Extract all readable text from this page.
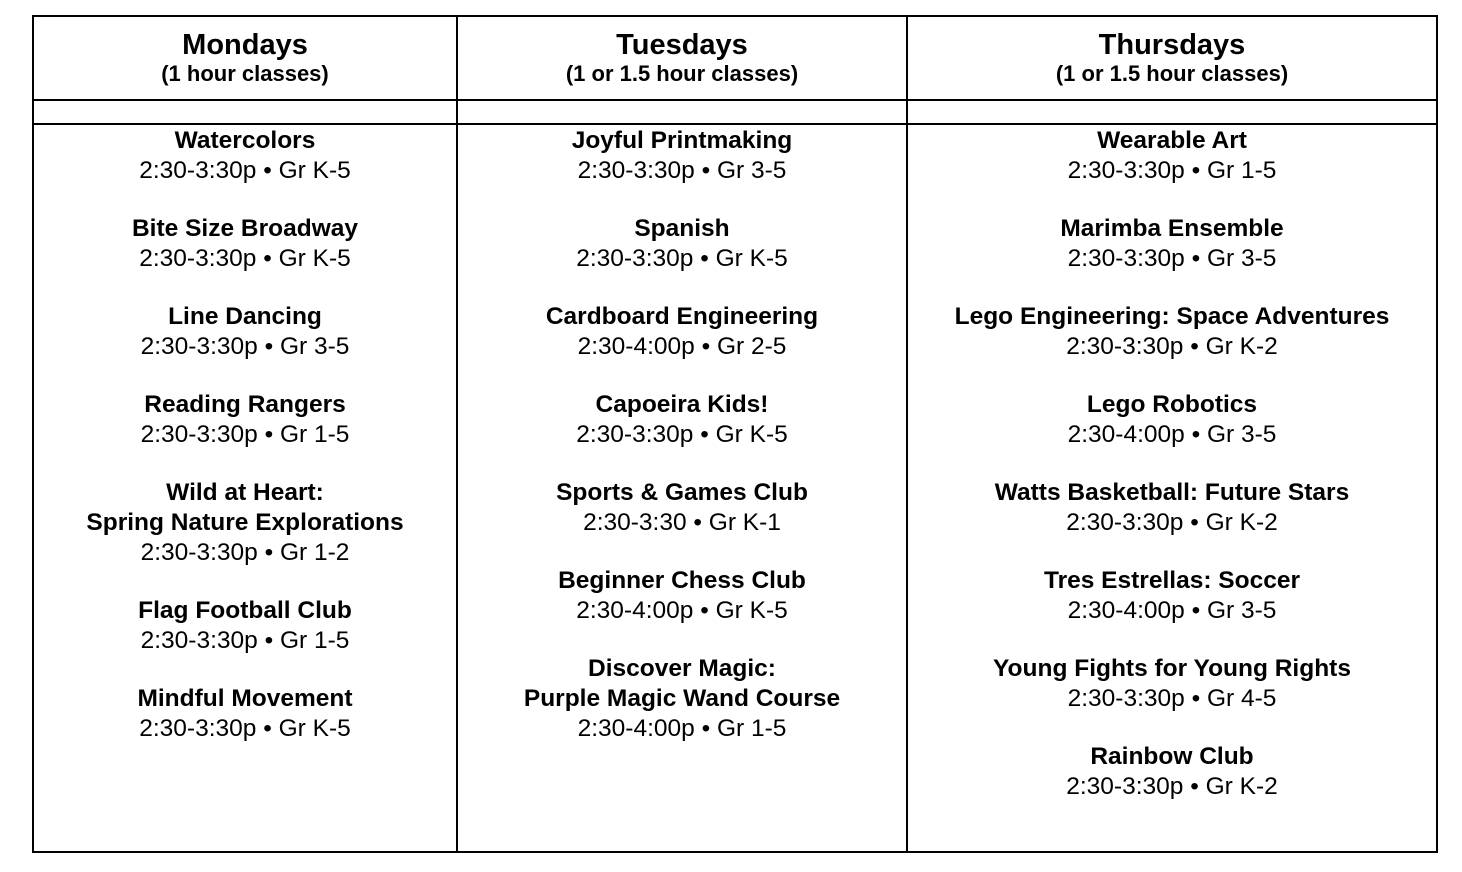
Mondays
(1 hour classes)
Watercolors
2:30-3:30p • Gr K-5
Bite Size Broadway
2:30-3:30p • Gr K-5
Line Dancing
2:30-3:30p • Gr 3-5
Reading Rangers
2:30-3:30p • Gr 1-5
Wild at Heart:
Spring Nature Explorations
2:30-3:30p • Gr 1-2
Flag Football Club
2:30-3:30p • Gr 1-5
Mindful Movement
2:30-3:30p • Gr K-5
Tuesdays
(1 or 1.5 hour classes)
Joyful Printmaking
2:30-3:30p • Gr 3-5
Spanish
2:30-3:30p • Gr K-5
Cardboard Engineering
2:30-4:00p • Gr 2-5
Capoeira Kids!
2:30-3:30p • Gr K-5
Sports & Games Club
2:30-3:30 • Gr K-1
Beginner Chess Club
2:30-4:00p • Gr K-5
Discover Magic:
Purple Magic Wand Course
2:30-4:00p • Gr 1-5
Thursdays
(1 or 1.5 hour classes)
Wearable Art
2:30-3:30p • Gr 1-5
Marimba Ensemble
2:30-3:30p • Gr 3-5
Lego Engineering: Space Adventures
2:30-3:30p • Gr K-2
Lego Robotics
2:30-4:00p • Gr 3-5
Watts Basketball: Future Stars
2:30-3:30p • Gr K-2
Tres Estrellas: Soccer
2:30-4:00p • Gr 3-5
Young Fights for Young Rights
2:30-3:30p • Gr 4-5
Rainbow Club
2:30-3:30p • Gr K-2
